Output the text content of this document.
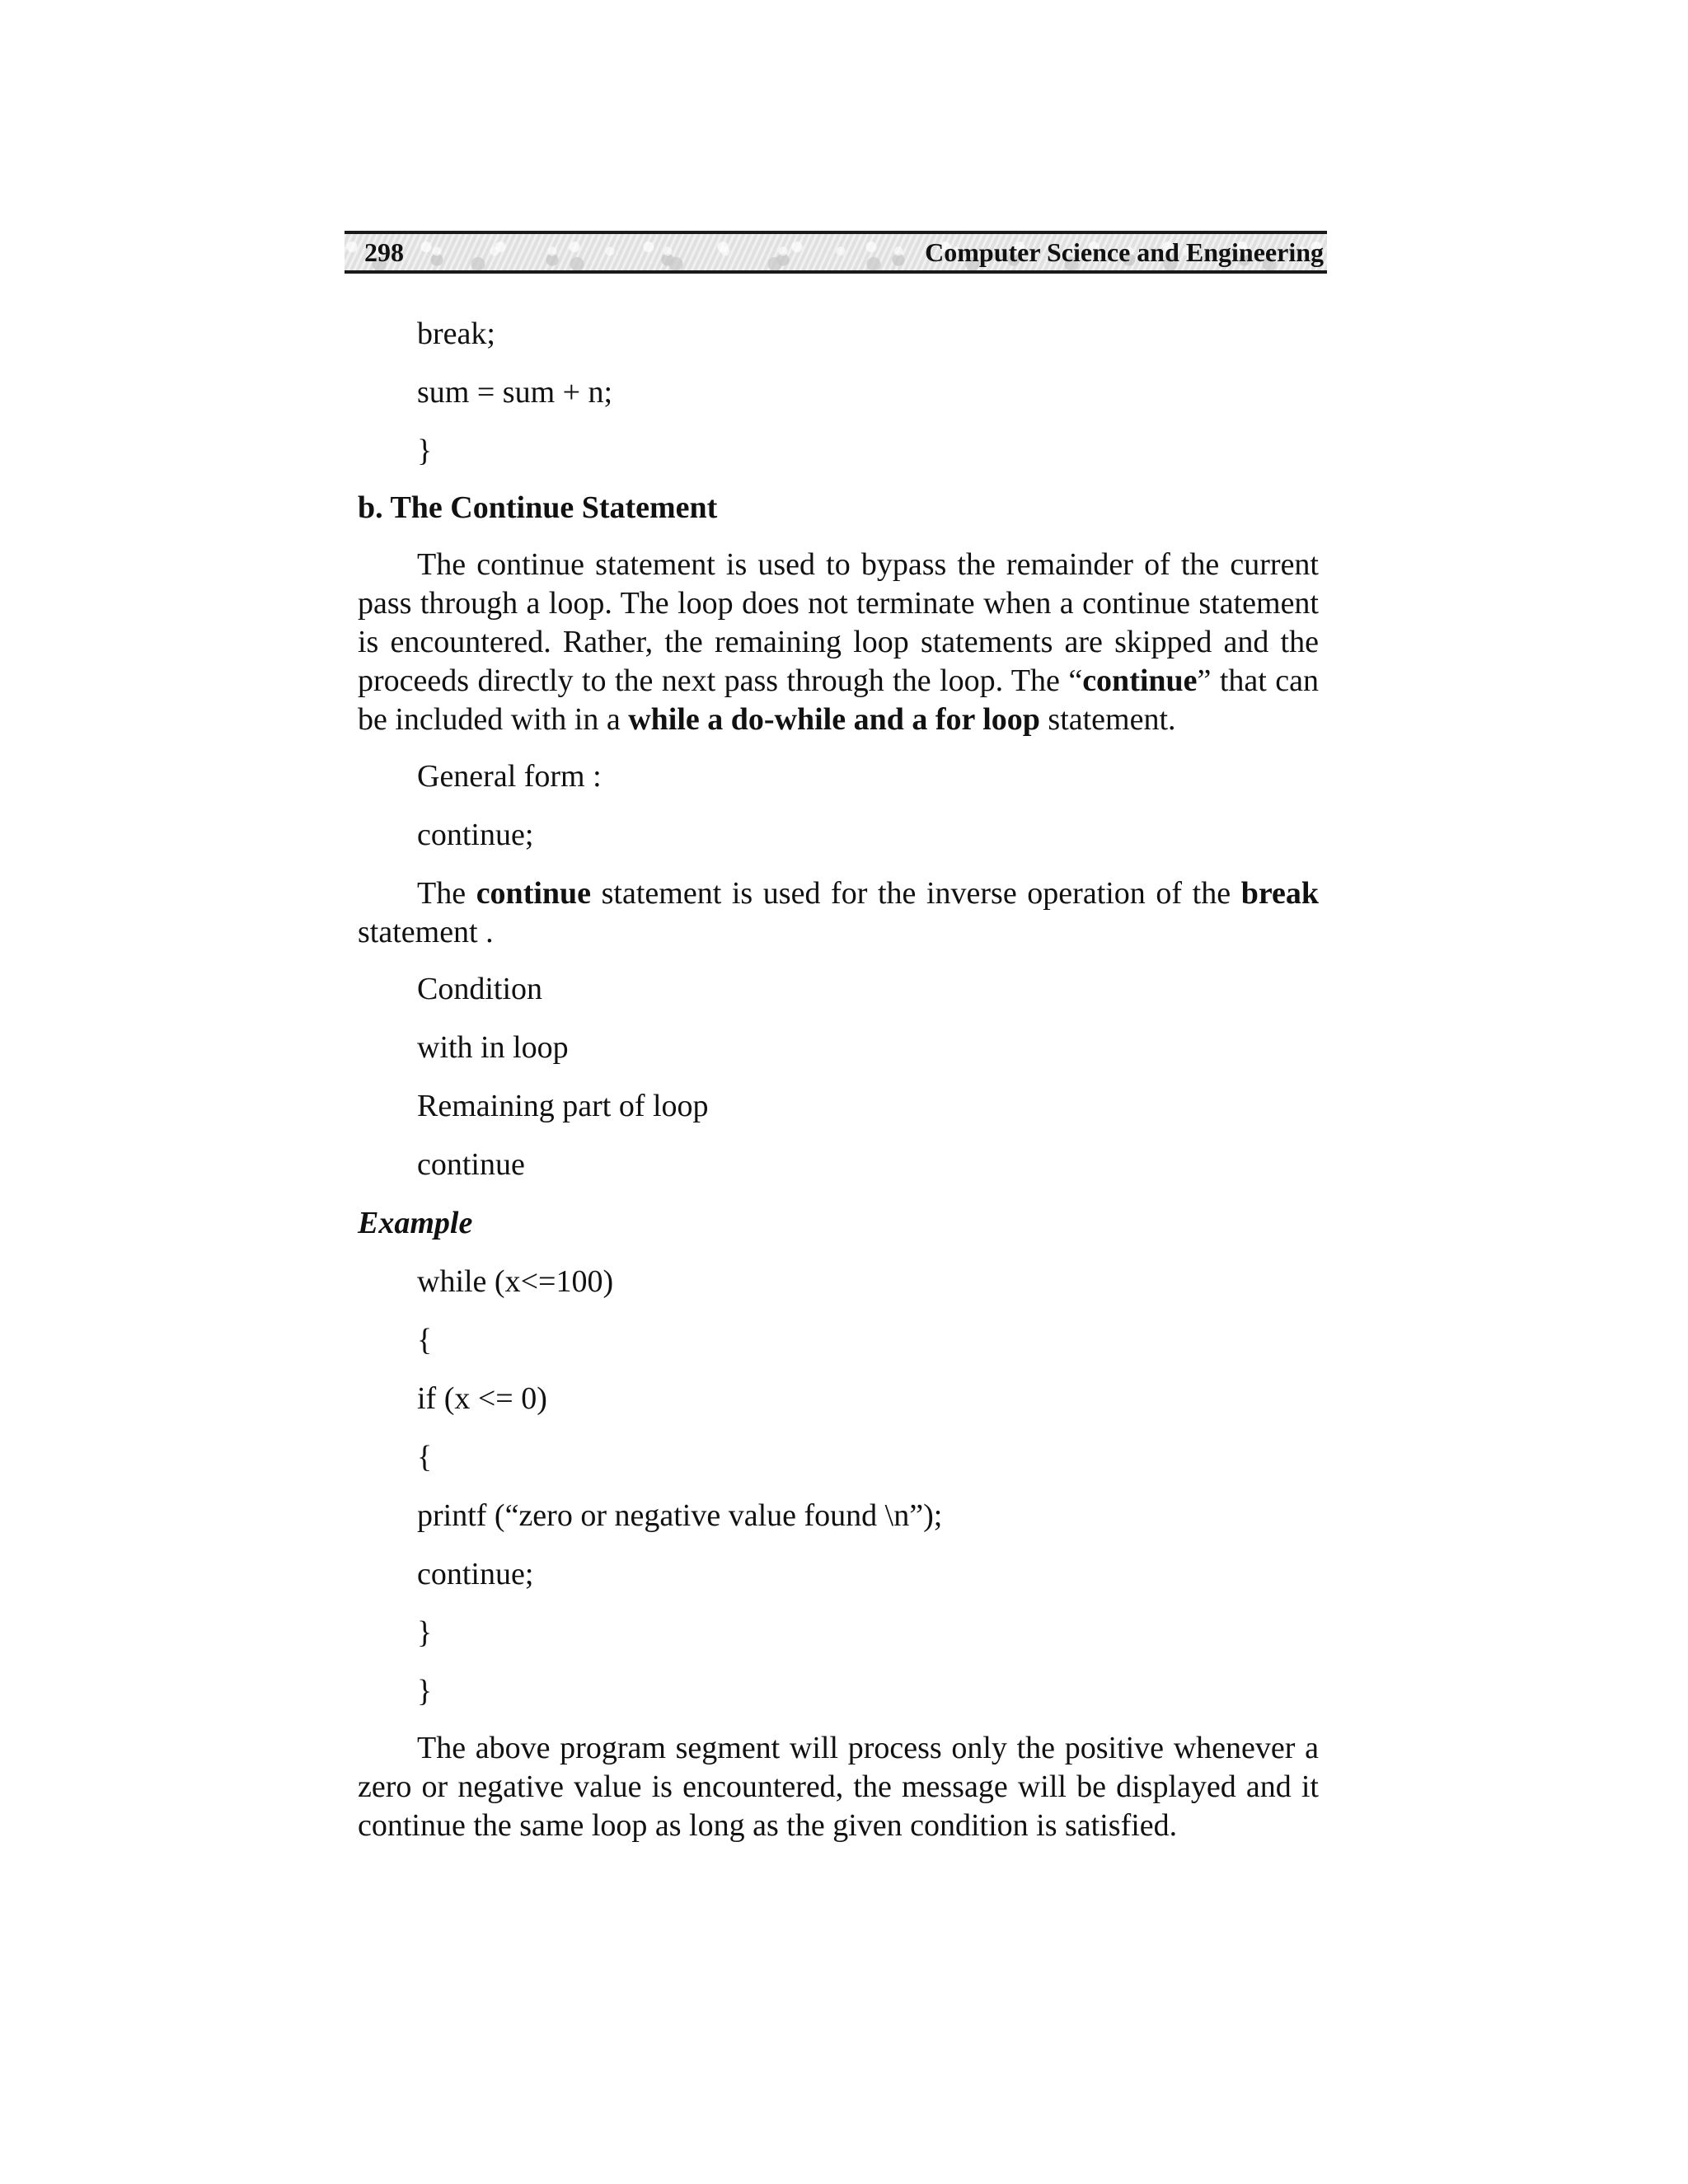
298	Computer Science and Engineering

break;

sum = sum + n;

}

b. The Continue Statement

The continue statement is used to bypass the remainder of the current pass through a loop. The loop does not terminate when a continue statement is encountered. Rather, the remaining loop statements are skipped and the proceeds directly to the next pass through the loop. The “continue” that can be included with in a while a do-while and a for loop statement.

General form :

continue;

The continue statement is used for the inverse operation of the break statement .

Condition

with in loop

Remaining part of loop

continue

Example

while (x<=100)

{

if (x <= 0)

{

printf (“zero or negative value found \n”);

continue;

}

}

The above program segment will process only the positive whenever a zero or negative value is encountered, the message will be displayed and it continue the same loop as long as the given condition is satisfied.
